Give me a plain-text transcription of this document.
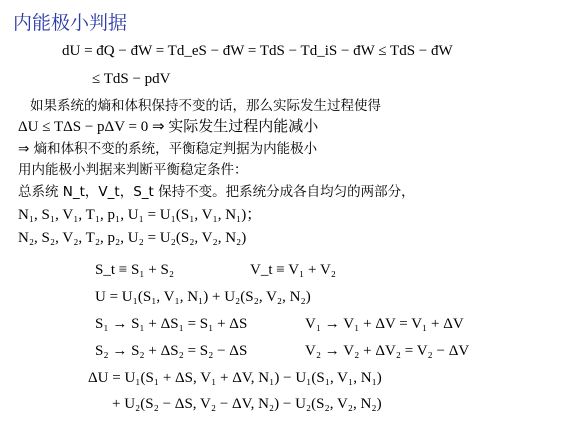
内能极小判据
dU = đQ − đW = Td_eS − đW = TdS − Td_iS − đW ≤ TdS − đW
≤ TdS − pdV
如果系统的熵和体积保持不变的话，那么实际发生过程使得
ΔU ≤ TΔS − pΔV = 0 ⇒ 实际发生过程内能减小
⇒ 熵和体积不变的系统，平衡稳定判据为内能极小
用内能极小判据来判断平衡稳定条件：
总系统 N_t，V_t，S_t 保持不变。把系统分成各自均匀的两部分，
N₁, S₁, V₁, T₁, p₁, U₁ = U₁(S₁, V₁, N₁)；
N₂, S₂, V₂, T₂, p₂, U₂ = U₂(S₂, V₂, N₂)
S_t ≡ S₁ + S₂	V_t ≡ V₁ + V₂
U = U₁(S₁, V₁, N₁) + U₂(S₂, V₂, N₂)
S₁ → S₁ + ΔS₁ = S₁ + ΔS	V₁ → V₁ + ΔV = V₁ + ΔV
S₂ → S₂ + ΔS₂ = S₂ − ΔS	V₂ → V₂ + ΔV₂ = V₂ − ΔV
ΔU = U₁(S₁ + ΔS, V₁ + ΔV, N₁) − U₁(S₁, V₁, N₁)
+ U₂(S₂ − ΔS, V₂ − ΔV, N₂) − U₂(S₂, V₂, N₂)
